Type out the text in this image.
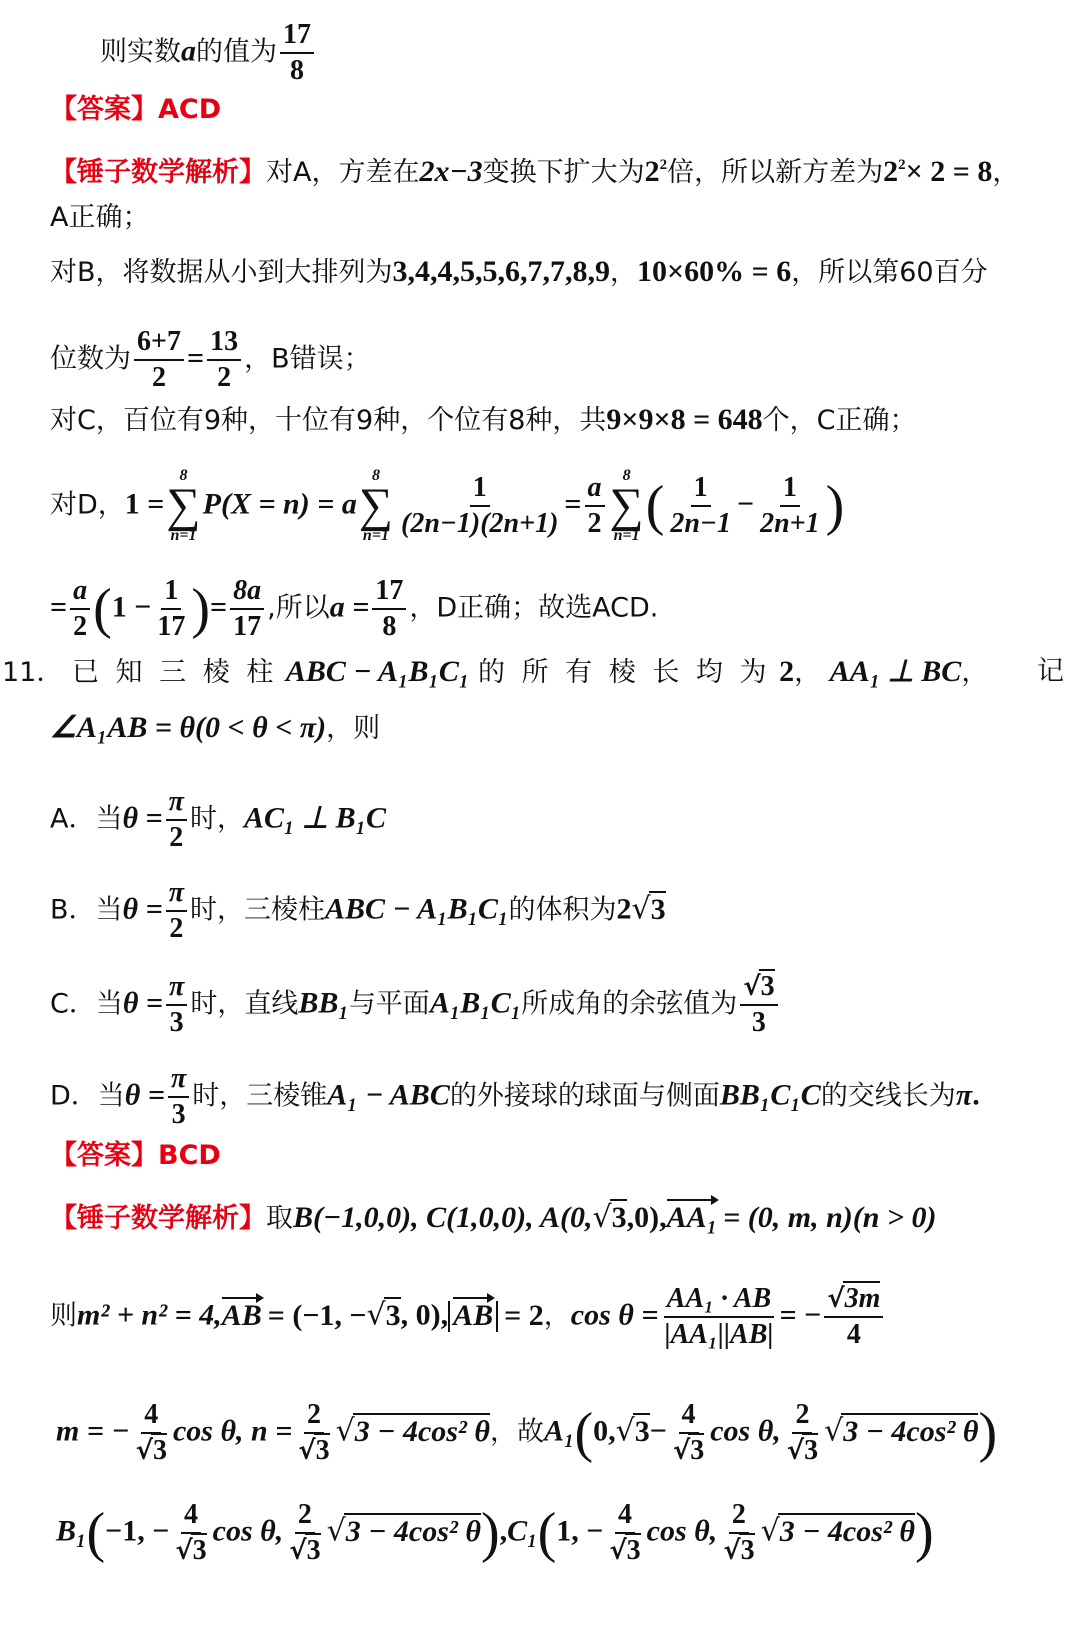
则实数a的值为 $\frac{17}{8}$
【答案】ACD
【锤子数学解析】对A，方差在2x−3变换下扩大为$2^2$倍，所以新方差为$2^2\times 2 = 8$，
A正确；
对B，将数据从小到大排列为3,4,4,5,5,6,7,7,8,9，10×60% = 6，所以第60百分
位数为 $\frac{6+7}{2} = \frac{13}{2}$ ，B错误；
对C，百位有9种，十位有9种，个位有8种，共9×9×8 = 648个，C正确；
对D，1 =
8
∑
n=1
P(X = n) = a
8
∑
$n=1 \frac{1}{(2n-1)(2n+1)} = \frac{a}{2} 8$
∑
n=1 ( $\frac{1}{2n-1} - \frac{1}{2n+1}$ )
= $\frac{a}{2} (1 - \frac{1}{17}$ )= $\frac{8a}{17}$ ,所以$a = \frac{17}{8}$ ，D正确；故选ACD.
11． 已 知 三 棱 柱 ABC − A₁B₁C₁ 的 所 有 棱 长 均 为 2， AA₁ ⊥ BC， 记
∠A₁AB = θ(0 < θ < π)，则
A．当$\theta = \frac{\pi}{2}$ 时，AC₁ ⊥ B₁C
B．当$\theta = \frac{\pi}{2}$ 时，三棱柱ABC − A₁B₁C₁的体积为2√3
C．当$\theta = \frac{\pi}{3}$ 时，直线BB₁与平面A₁B₁C₁所成角的余弦值为 $\frac{√3}{3}$
D．当$\theta = \frac{\pi}{3}$ 时，三棱锥A₁ − ABC的外接球的球面与侧面BB₁C₁C的交线长为π.
【答案】BCD
【锤子数学解析】取B(−1,0,0), C(1,0,0), A(0,√3,0),AA₁ = (0, m, n)(n > 0)
则m² + n² = 4,AB = (−1, −√3, 0), AB = 2，$\cos \theta = \frac{\text{AA₁ · AB}}{\text{|AA₁||AB|}}$ = − $\frac{√3m}{4}$
m = − $\frac{4}{√3}$ cos θ, $n = \frac{2}{√3} √3 - 4\cos^2$ θ，故$A_1(0,√3- \frac{4}{√3}$ cos θ, $\frac{2}{√3} √3 - 4\cos^2$ θ)
B₁(−1, − $\frac{4}{√3}$ cos θ, $\frac{2}{√3} √3 - 4\cos^2$ θ),C₁(1, − $\frac{4}{√3}$ cos θ, $\frac{2}{√3} √3 - 4\cos^2$ θ)
